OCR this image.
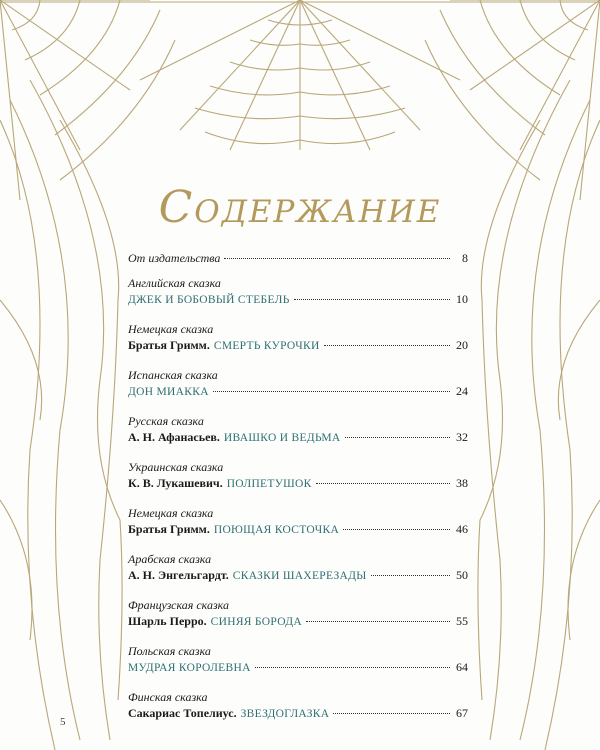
Содержание
От издательства	8
Английская сказка
ДЖЕК И БОБОВЫЙ СТЕБЕЛЬ	10
Немецкая сказка
Братья Гримм. СМЕРТЬ КУРОЧКИ	20
Испанская сказка
ДОН МИАККА	24
Русская сказка
А. Н. Афанасьев. ИВАШКО И ВЕДЬМА	32
Украинская сказка
К. В. Лукашевич. ПОЛПЕТУШОК	38
Немецкая сказка
Братья Гримм. ПОЮЩАЯ КОСТОЧКА	46
Арабская сказка
А. Н. Энгельгардт. СКАЗКИ ШАХЕРЕЗАДЫ	50
Французская сказка
Шарль Перро. СИНЯЯ БОРОДА	55
Польская сказка
МУДРАЯ КОРОЛЕВНА	64
Финская сказка
Сакариас Топелиус. ЗВЕЗДОГЛАЗКА	67
5
